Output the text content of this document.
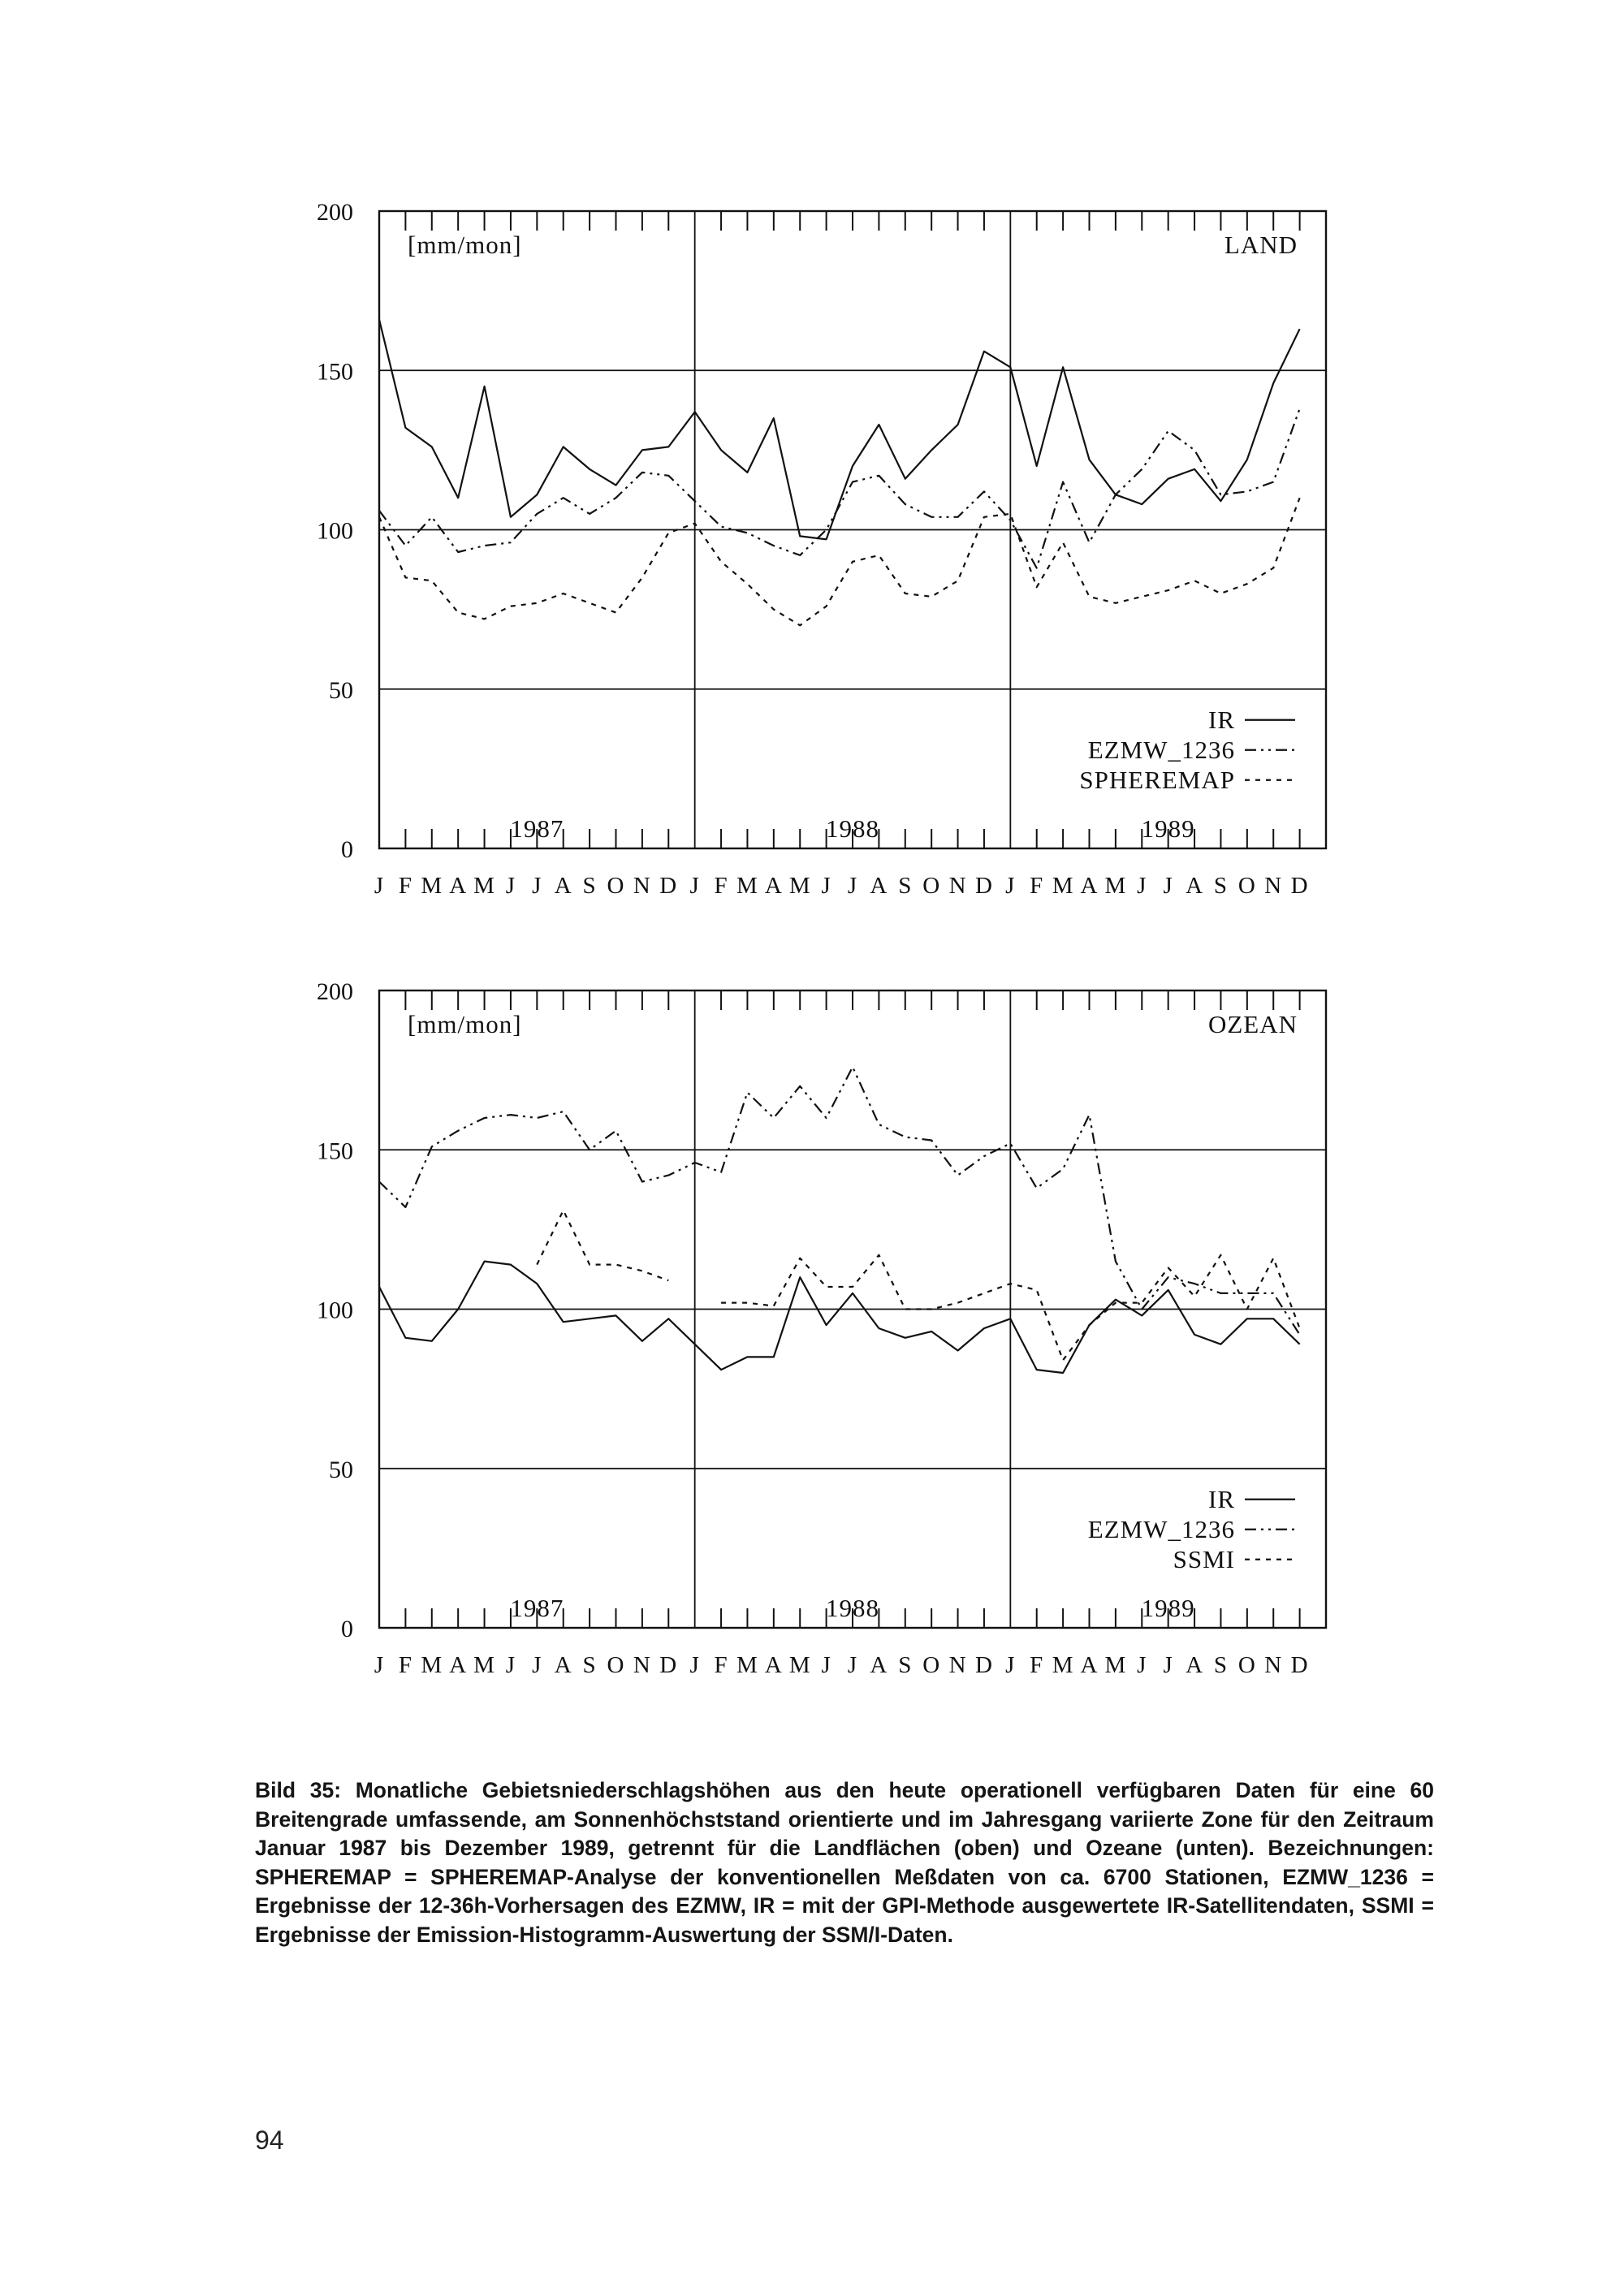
0
50
100
150
200
J F M A M J J A S O N D J F M A M J J A S O N D J F M A M J J A S O N D
1987	1988	1989
[mm/mon]	LAND
IR
EZMW_1236
SPHEREMAP
0
50
100
150
200
J F M A M J J A S O N D J F M A M J J A S O N D J F M A M J J A S O N D
1987	1988	1989
[mm/mon]	OZEAN
IR
EZMW_1236
SSMI
Bild 35: Monatliche Gebietsniederschlagshöhen aus den heute operationell verfügbaren Daten für eine 60 Breitengrade umfassende, am Sonnenhöchststand orientierte und im Jahresgang variierte Zone für den Zeitraum Januar 1987 bis Dezember 1989, getrennt für die Landflächen (oben) und Ozeane (unten). Bezeichnungen: SPHEREMAP = SPHEREMAP-Analyse der konventionellen Meßdaten von ca. 6700 Stationen, EZMW_1236 = Ergebnisse der 12-36h-Vorhersagen des EZMW, IR = mit der GPI-Methode ausgewertete IR-Satellitendaten, SSMI = Ergebnisse der Emission-Histogramm-Auswertung der SSM/I-Daten.
94
